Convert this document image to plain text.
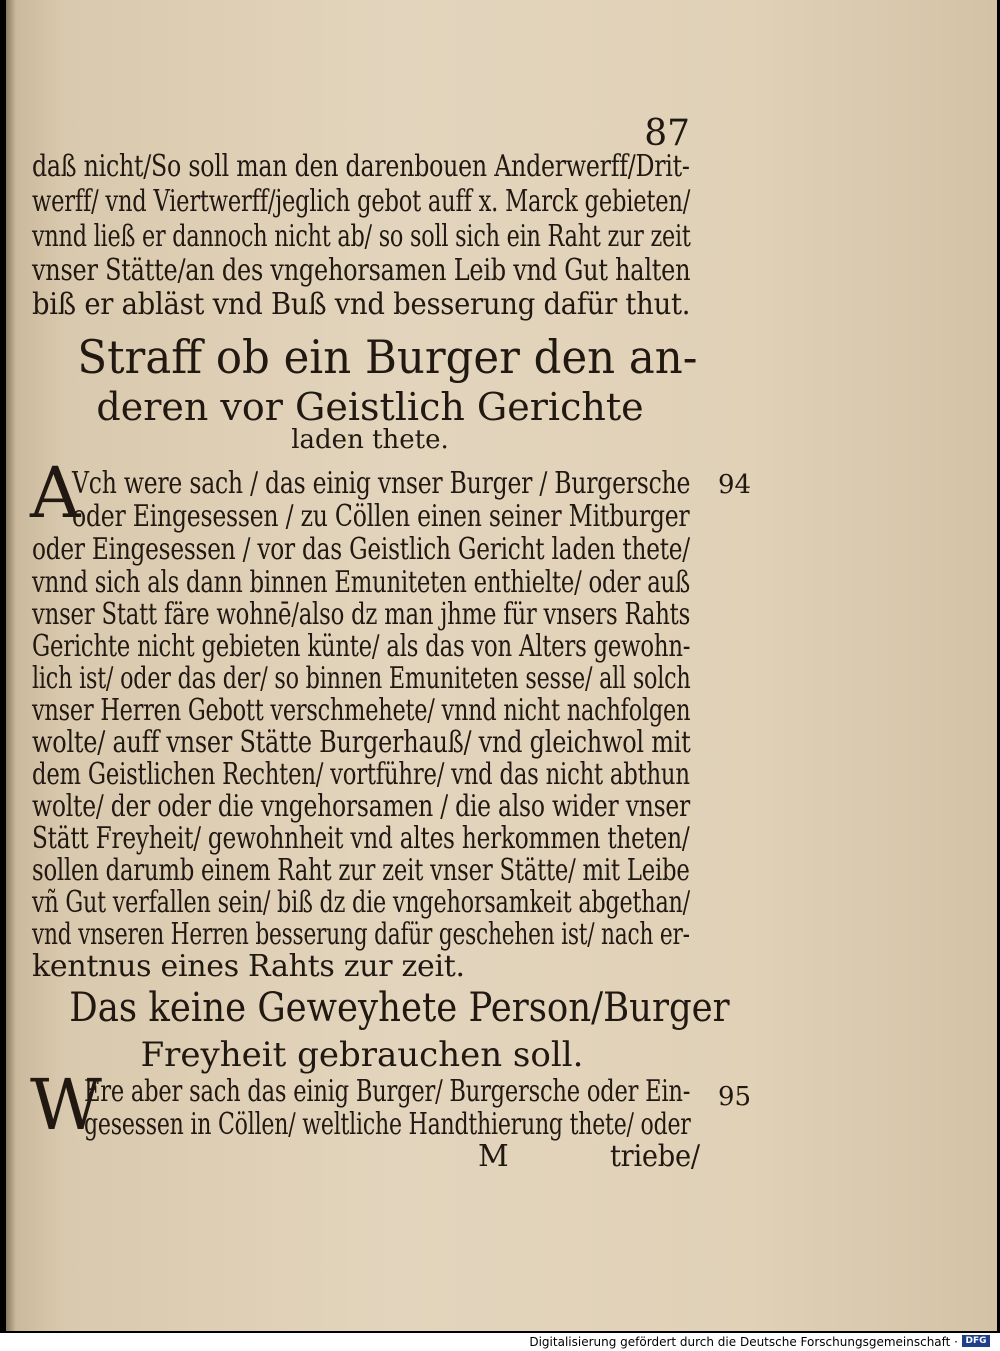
87
daß nicht/So soll man den darenbouen Anderwerff/Drit-
werff/ vnd Viertwerff/jeglich gebot auff x. Marck gebieten/
vnnd ließ er dannoch nicht ab/ so soll sich ein Raht zur zeit
vnser Stätte/an des vngehorsamen Leib vnd Gut halten
biß er abläst vnd Buß vnd besserung dafür thut.
Straff ob ein Burger den an-
deren vor Geistlich Gerichte
laden thete.
A	94
Vch were sach / das einig vnser Burger / Burgersche
oder Eingesessen / zu Cöllen einen seiner Mitburger
oder Eingesessen / vor das Geistlich Gericht laden thete/
vnnd sich als dann binnen Emuniteten enthielte/ oder auß
vnser Statt färe wohnē/also dz man jhme für vnsers Rahts
Gerichte nicht gebieten künte/ als das von Alters gewohn-
lich ist/ oder das der/ so binnen Emuniteten sesse/ all solch
vnser Herren Gebott verschmehete/ vnnd nicht nachfolgen
wolte/ auff vnser Stätte Burgerhauß/ vnd gleichwol mit
dem Geistlichen Rechten/ vortführe/ vnd das nicht abthun
wolte/ der oder die vngehorsamen / die also wider vnser
Stätt Freyheit/ gewohnheit vnd altes herkommen theten/
sollen darumb einem Raht zur zeit vnser Stätte/ mit Leibe
vñ Gut verfallen sein/ biß dz die vngehorsamkeit abgethan/
vnd vnseren Herren besserung dafür geschehen ist/ nach er-
kentnus eines Rahts zur zeit.
Das keine Geweyhete Person/Burger
Freyheit gebrauchen soll.
W	95
Ere aber sach das einig Burger/ Burgersche oder Ein-
gesessen in Cöllen/ weltliche Handthierung thete/ oder
M	triebe/
Digitalisierung gefördert durch die Deutsche Forschungsgemeinschaft · DFG
